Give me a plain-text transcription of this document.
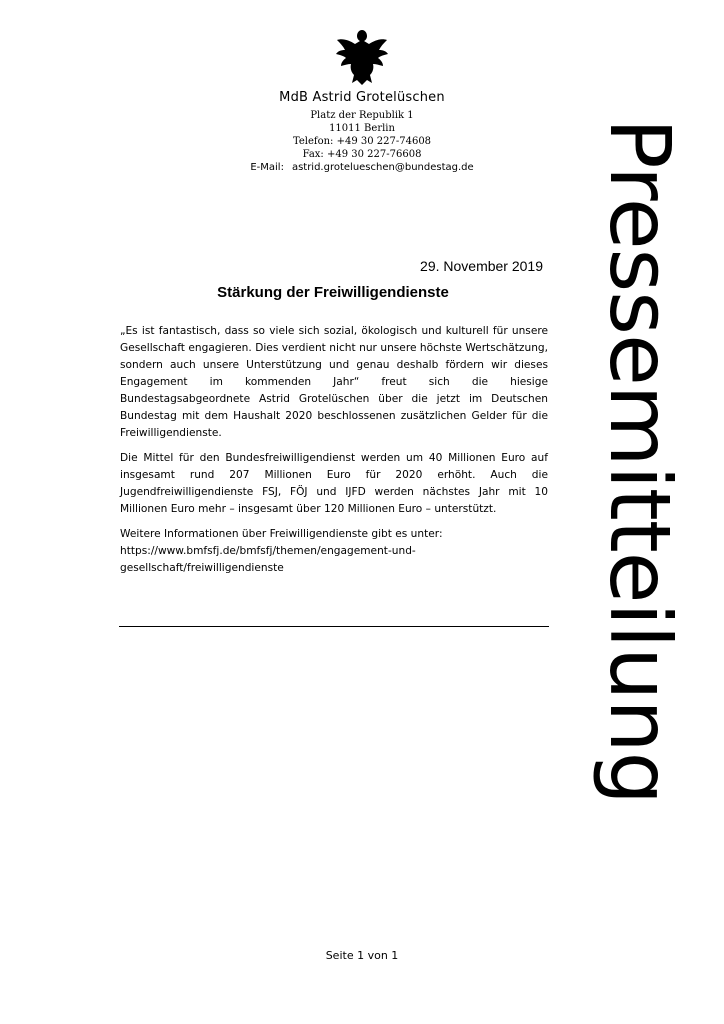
MdB Astrid Grotelüschen
Platz der Republik 1
11011 Berlin
Telefon: +49 30 227-74608
Fax: +49 30 227-76608
E-Mail: astrid.grotelueschen@bundestag.de
29. November 2019
Stärkung der Freiwilligendienste

„Es ist fantastisch, dass so viele sich sozial, ökologisch und kulturell für unsere Gesellschaft engagieren. Dies verdient nicht nur unsere höchste Wertschätzung, sondern auch unsere Unterstützung und genau deshalb fördern wir dieses Engagement im kommenden Jahr“ freut sich die hiesige Bundestagsabgeordnete Astrid Grotelüschen über die jetzt im Deutschen Bundestag mit dem Haushalt 2020 beschlossenen zusätzlichen Gelder für die Freiwilligendienste.

Die Mittel für den Bundesfreiwilligendienst werden um 40 Millionen Euro auf insgesamt rund 207 Millionen Euro für 2020 erhöht. Auch die Jugendfreiwilligendienste FSJ, FÖJ und IJFD werden nächstes Jahr mit 10 Millionen Euro mehr – insgesamt über 120 Millionen Euro – unterstützt.

Weitere Informationen über Freiwilligendienste gibt es unter:
https://www.bmfsfj.de/bmfsfj/themen/engagement-und-gesellschaft/freiwilligendienste	Pressemitteilung
Seite 1 von 1
